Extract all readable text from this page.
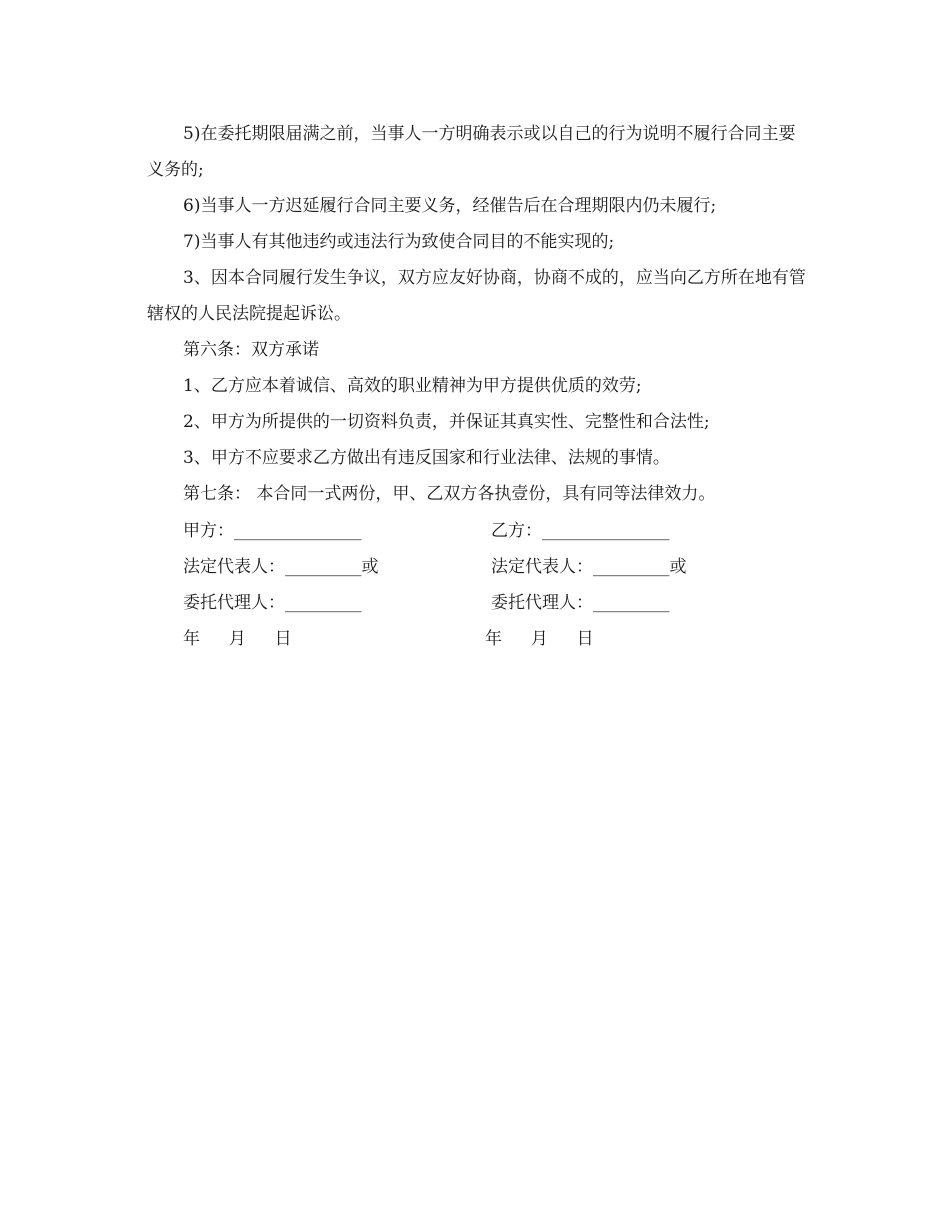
5)在委托期限届满之前，当事人一方明确表示或以自己的行为说明不履行合同主要义务的;

6)当事人一方迟延履行合同主要义务，经催告后在合理期限内仍未履行;

7)当事人有其他违约或违法行为致使合同目的不能实现的;

3、因本合同履行发生争议，双方应友好协商，协商不成的，应当向乙方所在地有管辖权的人民法院提起诉讼。

第六条：双方承诺

1、乙方应本着诚信、高效的职业精神为甲方提供优质的效劳;

2、甲方为所提供的一切资料负责，并保证其真实性、完整性和合法性;

3、甲方不应要求乙方做出有违反国家和行业法律、法规的事情。

第七条： 本合同一式两份，甲、乙双方各执壹份，具有同等法律效力。

甲方：_______________	乙方：_______________
法定代表人：_________或	法定代表人：_________或
委托代理人：_________	委托代理人：_________
年 月 日	年 月 日
